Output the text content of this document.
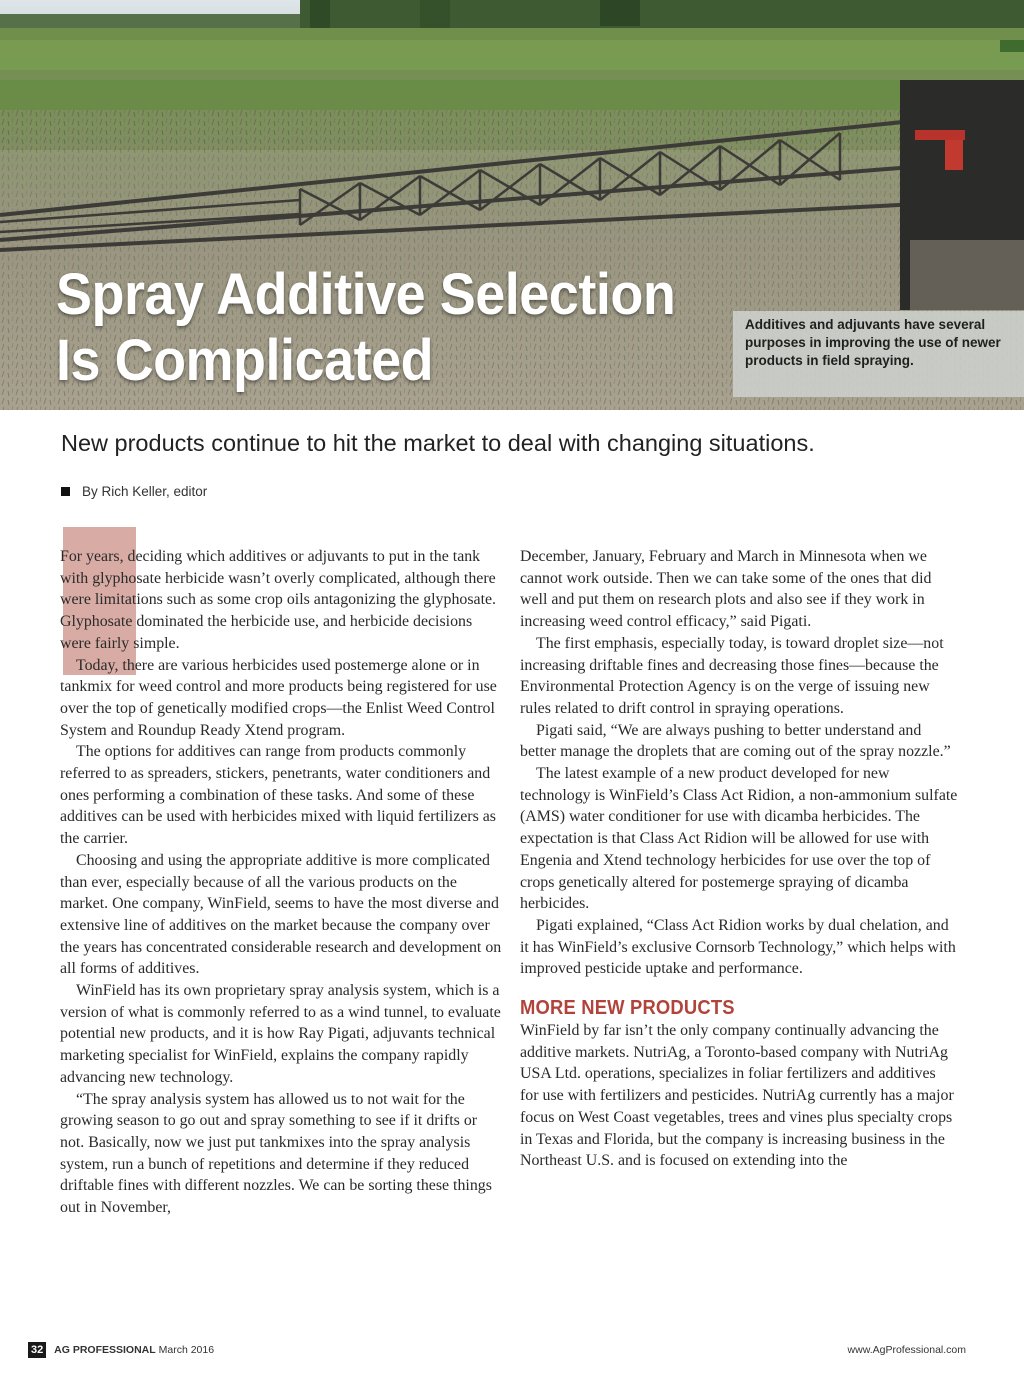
Spray Additive Selection
Is Complicated
Additives and adjuvants have several purposes in improving the use of newer products in field spraying.
New products continue to hit the market to deal with changing situations.
By Rich Keller, editor

For years, deciding which additives or adjuvants to put in the tank with glyphosate herbicide wasn’t overly complicated, although there were limitations such as some crop oils antagonizing the glyphosate. Glyphosate dominated the herbicide use, and herbicide decisions were fairly simple.

Today, there are various herbicides used postemerge alone or in tankmix for weed control and more products being registered for use over the top of genetically modified crops—the Enlist Weed Control System and Roundup Ready Xtend program.

The options for additives can range from products commonly referred to as spreaders, stickers, penetrants, water conditioners and ones performing a combination of these tasks. And some of these additives can be used with herbicides mixed with liquid fertilizers as the carrier.

Choosing and using the appropriate additive is more complicated than ever, especially because of all the various products on the market. One company, WinField, seems to have the most diverse and extensive line of additives on the market because the company over the years has concentrated considerable research and development on all forms of additives.

WinField has its own proprietary spray analysis system, which is a version of what is commonly referred to as a wind tunnel, to evaluate potential new products, and it is how Ray Pigati, adjuvants technical marketing specialist for WinField, explains the company rapidly advancing new technology.

“The spray analysis system has allowed us to not wait for the growing season to go out and spray something to see if it drifts or not. Basically, now we just put tankmixes into the spray analysis system, run a bunch of repetitions and determine if they reduced driftable fines with different nozzles. We can be sorting these things out in November,

December, January, February and March in Minnesota when we cannot work outside. Then we can take some of the ones that did well and put them on research plots and also see if they work in increasing weed control efficacy,” said Pigati.

The first emphasis, especially today, is toward droplet size—not increasing driftable fines and decreasing those fines—because the Environmental Protection Agency is on the verge of issuing new rules related to drift control in spraying operations.

Pigati said, “We are always pushing to better understand and better manage the droplets that are coming out of the spray nozzle.”

The latest example of a new product developed for new technology is WinField’s Class Act Ridion, a non-ammonium sulfate (AMS) water conditioner for use with dicamba herbicides. The expectation is that Class Act Ridion will be allowed for use with Engenia and Xtend technology herbicides for use over the top of crops genetically altered for postemerge spraying of dicamba herbicides.

Pigati explained, “Class Act Ridion works by dual chelation, and it has WinField’s exclusive Cornsorb Technology,” which helps with improved pesticide uptake and performance.

MORE NEW PRODUCTS

WinField by far isn’t the only company continually advancing the additive markets. NutriAg, a Toronto-based company with NutriAg USA Ltd. operations, specializes in foliar fertilizers and additives for use with fertilizers and pesticides. NutriAg currently has a major focus on West Coast vegetables, trees and vines plus specialty crops in Texas and Florida, but the company is increasing business in the Northeast U.S. and is focused on extending into the

32 AG PROFESSIONAL March 2016	www.AgProfessional.com
